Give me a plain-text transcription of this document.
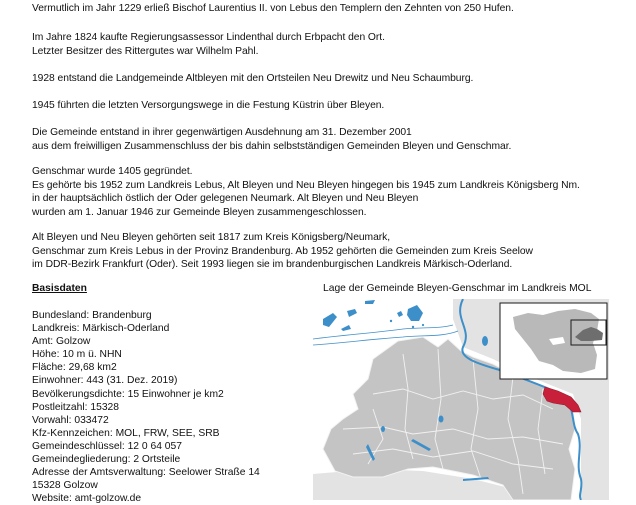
Vermutlich im Jahr 1229 erließ Bischof Laurentius II. von Lebus den Templern den Zehnten von 250 Hufen.

Im Jahre 1824 kaufte Regierungsassessor Lindenthal durch Erbpacht den Ort.
Letzter Besitzer des Rittergutes war Wilhelm Pahl.

1928 entstand die Landgemeinde Altbleyen mit den Ortsteilen Neu Drewitz und Neu Schaumburg.

1945 führten die letzten Versorgungswege in die Festung Küstrin über Bleyen.

Die Gemeinde entstand in ihrer gegenwärtigen Ausdehnung am 31. Dezember 2001
aus dem freiwilligen Zusammenschluss der bis dahin selbstständigen Gemeinden Bleyen und Genschmar.

Genschmar wurde 1405 gegründet.
Es gehörte bis 1952 zum Landkreis Lebus, Alt Bleyen und Neu Bleyen hingegen bis 1945 zum Landkreis Königsberg Nm.
in der hauptsächlich östlich der Oder gelegenen Neumark. Alt Bleyen und Neu Bleyen
wurden am 1. Januar 1946 zur Gemeinde Bleyen zusammengeschlossen.

Alt Bleyen und Neu Bleyen gehörten seit 1817 zum Kreis Königsberg/Neumark,
Genschmar zum Kreis Lebus in der Provinz Brandenburg. Ab 1952 gehörten die Gemeinden zum Kreis Seelow
im DDR-Bezirk Frankfurt (Oder). Seit 1993 liegen sie im brandenburgischen Landkreis Märkisch-Oderland.

Basisdaten
Bundesland: Brandenburg
Landkreis: Märkisch-Oderland
Amt: Golzow
Höhe: 10 m ü. NHN
Fläche: 29,68 km2
Einwohner: 443 (31. Dez. 2019)
Bevölkerungsdichte: 15 Einwohner je km2
Postleitzahl: 15328
Vorwahl: 033472
Kfz-Kennzeichen: MOL, FRW, SEE, SRB
Gemeindeschlüssel: 12 0 64 057
Gemeindegliederung: 2 Ortsteile
Adresse der Amtsverwaltung: Seelower Straße 14
15328 Golzow
Website: amt-golzow.de

Lage der Gemeinde Bleyen-Genschmar im Landkreis MOL
